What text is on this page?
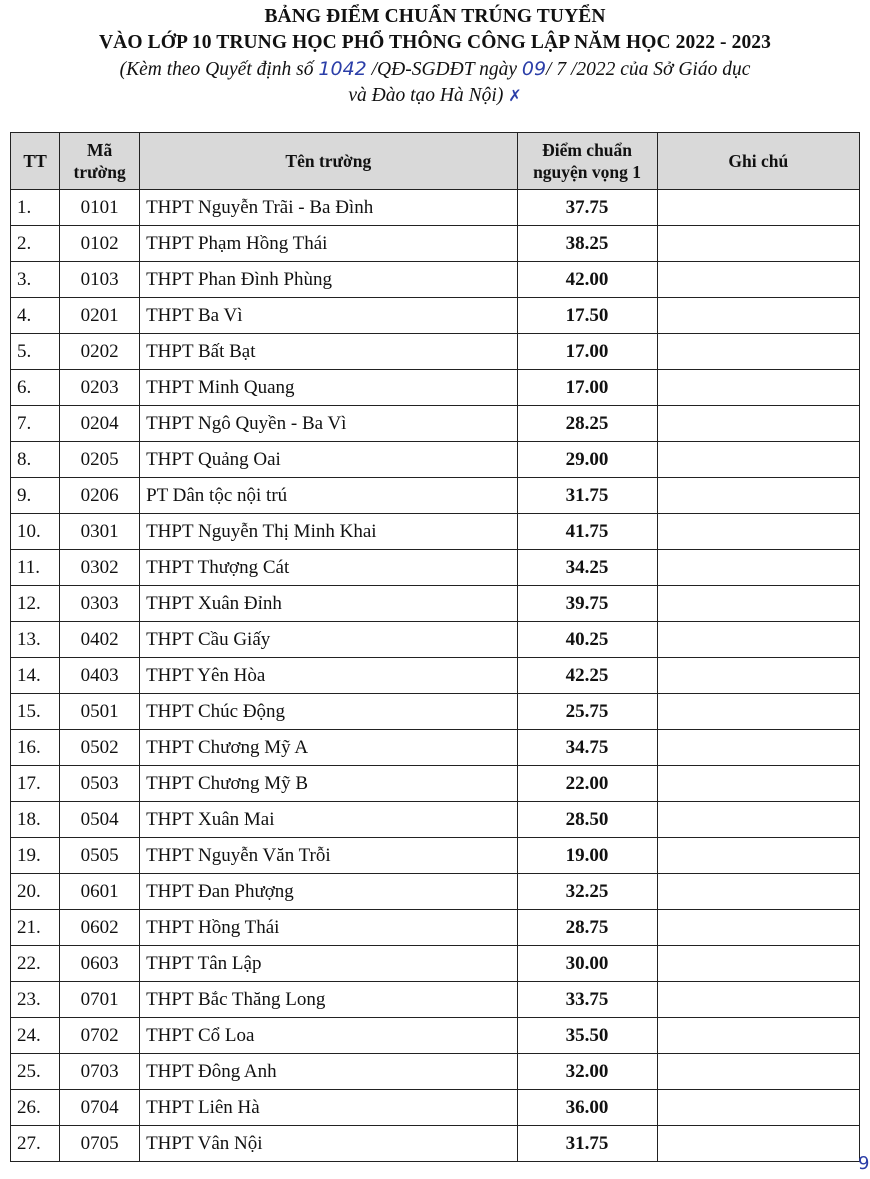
BẢNG ĐIỂM CHUẨN TRÚNG TUYỂN
VÀO LỚP 10 TRUNG HỌC PHỔ THÔNG CÔNG LẬP NĂM HỌC 2022 - 2023
(Kèm theo Quyết định số 1042 /QĐ-SGDĐT ngày 09/ 7 /2022 của Sở Giáo dục
và Đào tạo Hà Nội) ✗
TT	Mã trường	Tên trường	Điểm chuẩn nguyện vọng 1	Ghi chú
1.	0101	THPT Nguyễn Trãi - Ba Đình	37.75	
2.	0102	THPT Phạm Hồng Thái	38.25	
3.	0103	THPT Phan Đình Phùng	42.00	
4.	0201	THPT Ba Vì	17.50	
5.	0202	THPT Bất Bạt	17.00	
6.	0203	THPT Minh Quang	17.00	
7.	0204	THPT Ngô Quyền - Ba Vì	28.25	
8.	0205	THPT Quảng Oai	29.00	
9.	0206	PT Dân tộc nội trú	31.75	
10.	0301	THPT Nguyễn Thị Minh Khai	41.75	
11.	0302	THPT Thượng Cát	34.25	
12.	0303	THPT Xuân Đỉnh	39.75	
13.	0402	THPT Cầu Giấy	40.25	
14.	0403	THPT Yên Hòa	42.25	
15.	0501	THPT Chúc Động	25.75	
16.	0502	THPT Chương Mỹ A	34.75	
17.	0503	THPT Chương Mỹ B	22.00	
18.	0504	THPT Xuân Mai	28.50	
19.	0505	THPT Nguyễn Văn Trỗi	19.00	
20.	0601	THPT Đan Phượng	32.25	
21.	0602	THPT Hồng Thái	28.75	
22.	0603	THPT Tân Lập	30.00	
23.	0701	THPT Bắc Thăng Long	33.75	
24.	0702	THPT Cổ Loa	35.50	
25.	0703	THPT Đông Anh	32.00	
26.	0704	THPT Liên Hà	36.00	
27.	0705	THPT Vân Nội	31.75	
9
